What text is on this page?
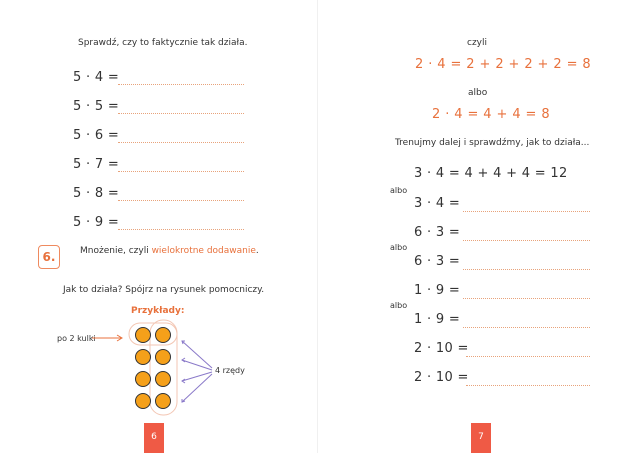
Sprawdź, czy to faktycznie tak działa.
5 · 4 =
5 · 5 =
5 · 6 =
5 · 7 =
5 · 8 =
5 · 9 =
6.	Mnożenie, czyli wielokrotne dodawanie.
Jak to działa? Spójrz na rysunek pomocniczy.
Przykłady:
po 2 kulki
4 rzędy
6
czyli
2 · 4 = 2 + 2 + 2 + 2 = 8
albo
2 · 4 = 4 + 4 = 8
Trenujmy dalej i sprawdźmy, jak to działa...
3 · 4 = 4 + 4 + 4 = 12
albo
3 · 4 =
6 · 3 =
albo
6 · 3 =
1 · 9 =
albo
1 · 9 =
2 · 10 =
2 · 10 =
7
